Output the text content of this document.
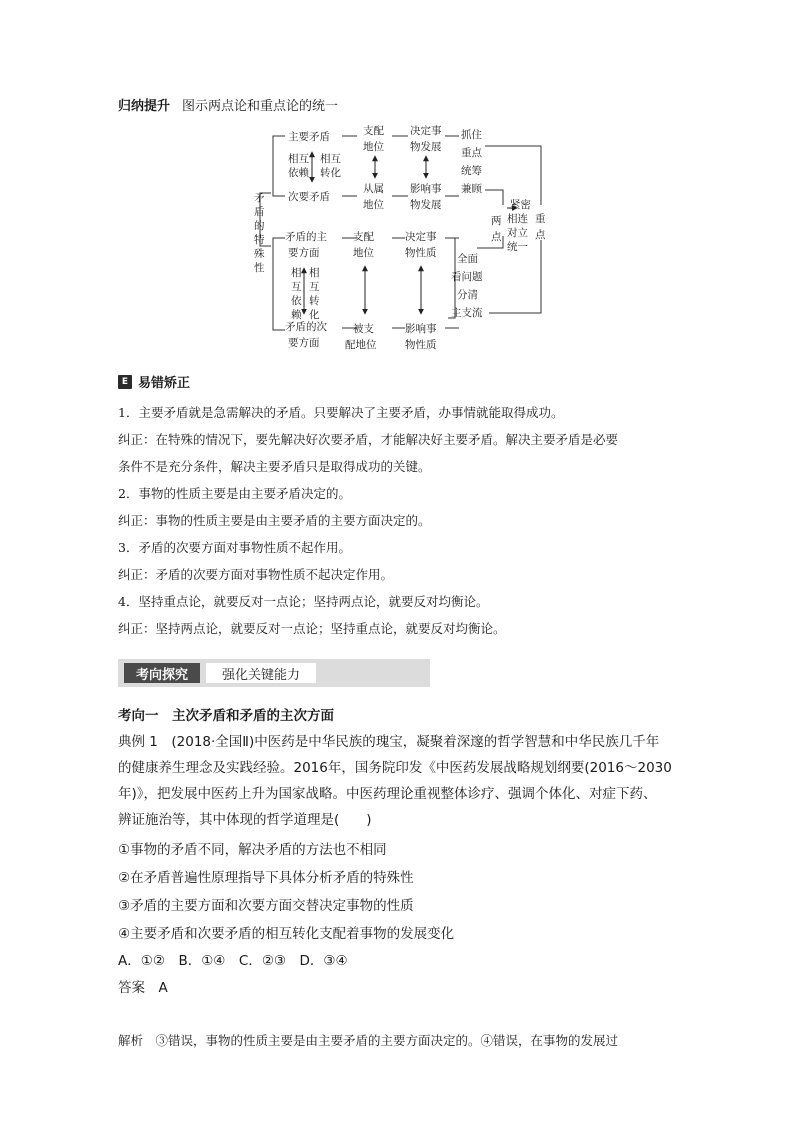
归纳提升 图示两点论和重点论的统一
矛
盾
的
特
殊
性
主要矛盾
次要矛盾
相互
依赖
相互
转化
支配
地位
从属
地位
决定事
物发展
影响事
物发展
抓住
重点
统筹
兼顾
两
点
紧密
相连
对立
统一
重
点
矛盾的主
要方面
矛盾的次
要方面
相
互
依
赖
相
互
转
化
支配
地位
被支
配地位
决定事
物性质
影响事
物性质
全面
看问题
分清
主支流
E 易错矫正
1．主要矛盾就是急需解决的矛盾。只要解决了主要矛盾，办事情就能取得成功。
纠正：在特殊的情况下，要先解决好次要矛盾，才能解决好主要矛盾。解决主要矛盾是必要
条件不是充分条件，解决主要矛盾只是取得成功的关键。
2．事物的性质主要是由主要矛盾决定的。
纠正：事物的性质主要是由主要矛盾的主要方面决定的。
3．矛盾的次要方面对事物性质不起作用。
纠正：矛盾的次要方面对事物性质不起决定作用。
4．坚持重点论，就要反对一点论；坚持两点论，就要反对均衡论。
纠正：坚持两点论，就要反对一点论；坚持重点论，就要反对均衡论。
考向探究	强化关键能力
考向一　主次矛盾和矛盾的主次方面
典例 1　(2018·全国Ⅱ)中医药是中华民族的瑰宝，凝聚着深邃的哲学智慧和中华民族几千年
的健康养生理念及实践经验。2016年，国务院印发《中医药发展战略规划纲要(2016～2030
年)》，把发展中医药上升为国家战略。中医药理论重视整体诊疗、强调个体化、对症下药、
辨证施治等，其中体现的哲学道理是(　　)
①事物的矛盾不同，解决矛盾的方法也不相同
②在矛盾普遍性原理指导下具体分析矛盾的特殊性
③矛盾的主要方面和次要方面交替决定事物的性质
④主要矛盾和次要矛盾的相互转化支配着事物的发展变化
A．①②　B．①④　C．②③　D．③④
答案　A
解析　③错误，事物的性质主要是由主要矛盾的主要方面决定的。④错误，在事物的发展过
